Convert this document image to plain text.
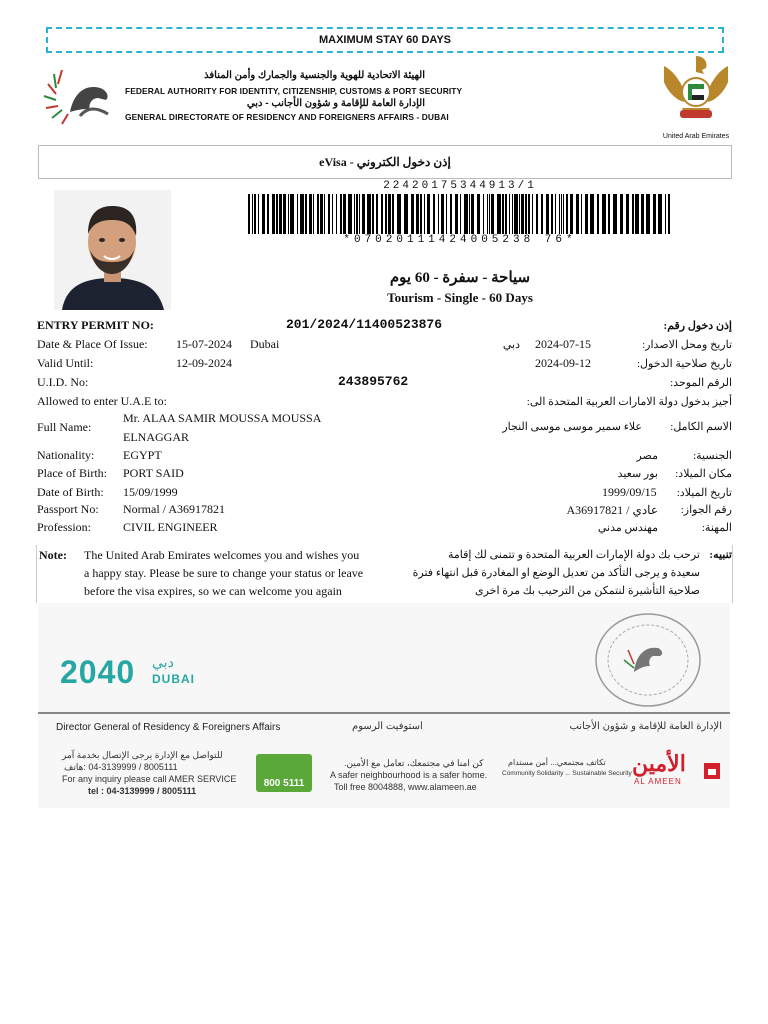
MAXIMUM STAY 60 DAYS
الهيئة الاتحادية للهوية والجنسية والجمارك وأمن المنافذ
FEDERAL AUTHORITY FOR IDENTITY, CITIZENSHIP, CUSTOMS & PORT SECURITY
الإدارة العامة للإقامة و شؤون الأجانب - دبي
GENERAL DIRECTORATE OF RESIDENCY AND FOREIGNERS AFFAIRS - DUBAI
United Arab Emirates
eVisa - إذن دخول الكتروني
22420175344913/1
*07020111424005238 76*
سياحة - سفرة - 60 يوم
Tourism - Single - 60 Days
ENTRY PERMIT NO:	201/2024/11400523876	إذن دخول رقم:
Date & Place Of Issue: 15-07-2024 Dubai	دبي 2024-07-15	تاريخ ومحل الاصدار:
Valid Until:	12-09-2024	2024-09-12	تاريخ صلاحية الدخول:
U.I.D. No:	243895762	الرقم الموحد:
Allowed to enter U.A.E to:	أجيز بدخول دولة الامارات العربية المتحدة الى:
Full Name:
Mr. ALAA SAMIR MOUSSA MOUSSA
ELNAGGAR
علاء سمير موسى موسى النجار	الاسم الكامل:
Nationality: EGYPT	مصر	الجنسية:
Place of Birth: PORT SAID	بور سعيد مكان الميلاد:
Date of Birth: 15/09/1999	1999/09/15 تاريخ الميلاد:
Passport No: Normal / A36917821	عادي / A36917821 رقم الجواز:
Profession:	CIVIL ENGINEER	مهندس مدني	المهنة:
Note: The United Arab Emirates welcomes you and wishes you
a happy stay. Please be sure to change your status or leave
before the visa expires, so we can welcome you again
تنبيه:
ترحب بك دولة الإمارات العربية المتحدة و تتمنى لك إقامة
سعيدة و يرجى التأكد من تعديل الوضع او المغادرة قبل انتهاء فترة
صلاحية التأشيرة لنتمكن من الترحيب بك مرة اخرى
2040 دبي
DUBAI
Director General of Residency & Foreigners Affairs	استوفيت الرسوم	الإدارة العامة للإقامة و شؤون الأجانب
للتواصل مع الإدارة يرجى الإتصال بخدمة آمر
8005111 / 04-3139999 :هاتف
For any inquiry please call AMER SERVICE
tel : 04-3139999 / 8005111
800 5111
كن امنا في مجتمعك، تعامل مع الأمين.
A safer neighbourhood is a safer home.
Toll free 8004888, www.alameen.ae
تكاتف مجتمعي... أمن مستدام
Community Solidarity ... Sustainable Security الأمين
AL AMEEN
